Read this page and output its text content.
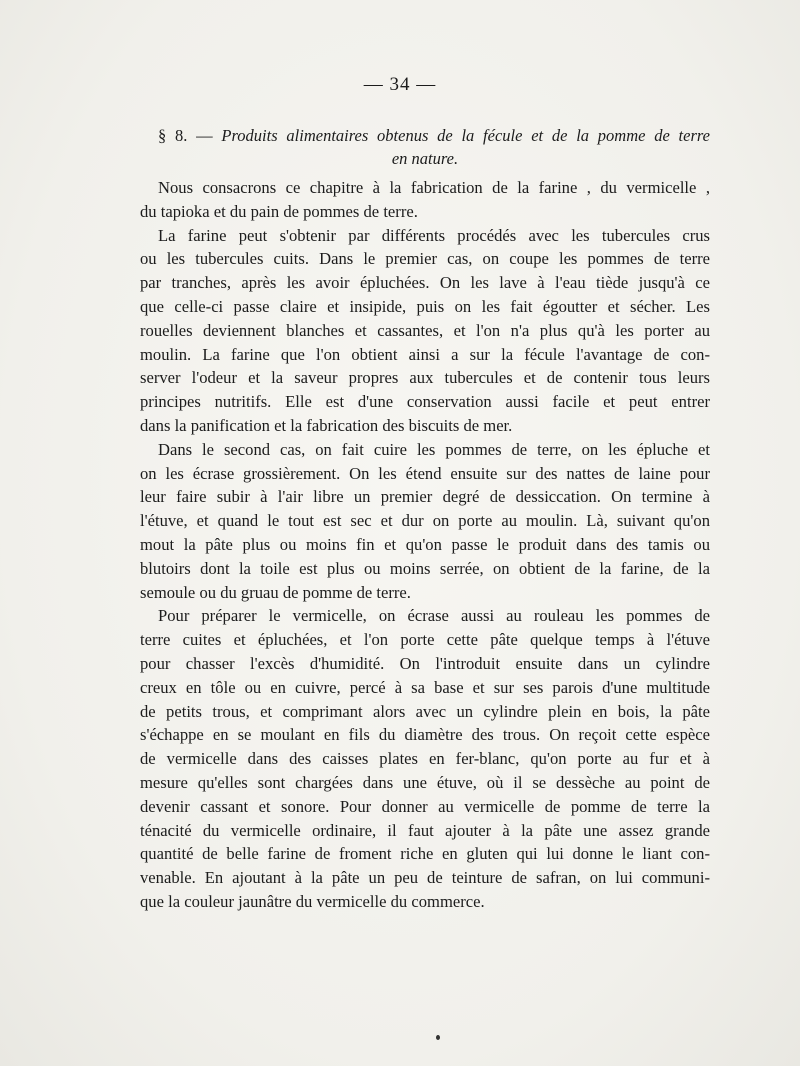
— 34 —
§ 8. — Produits alimentaires obtenus de la fécule et de la pomme de terre
en nature.
Nous consacrons ce chapitre à la fabrication de la farine , du vermicelle ,
du tapioka et du pain de pommes de terre.
La farine peut s'obtenir par différents procédés avec les tubercules crus
ou les tubercules cuits. Dans le premier cas, on coupe les pommes de terre
par tranches, après les avoir épluchées. On les lave à l'eau tiède jusqu'à ce
que celle-ci passe claire et insipide, puis on les fait égoutter et sécher. Les
rouelles deviennent blanches et cassantes, et l'on n'a plus qu'à les porter au
moulin. La farine que l'on obtient ainsi a sur la fécule l'avantage de con-
server l'odeur et la saveur propres aux tubercules et de contenir tous leurs
principes nutritifs. Elle est d'une conservation aussi facile et peut entrer
dans la panification et la fabrication des biscuits de mer.
Dans le second cas, on fait cuire les pommes de terre, on les épluche et
on les écrase grossièrement. On les étend ensuite sur des nattes de laine pour
leur faire subir à l'air libre un premier degré de dessiccation. On termine à
l'étuve, et quand le tout est sec et dur on porte au moulin. Là, suivant qu'on
mout la pâte plus ou moins fin et qu'on passe le produit dans des tamis ou
blutoirs dont la toile est plus ou moins serrée, on obtient de la farine, de la
semoule ou du gruau de pomme de terre.
Pour préparer le vermicelle, on écrase aussi au rouleau les pommes de
terre cuites et épluchées, et l'on porte cette pâte quelque temps à l'étuve
pour chasser l'excès d'humidité. On l'introduit ensuite dans un cylindre
creux en tôle ou en cuivre, percé à sa base et sur ses parois d'une multitude
de petits trous, et comprimant alors avec un cylindre plein en bois, la pâte
s'échappe en se moulant en fils du diamètre des trous. On reçoit cette espèce
de vermicelle dans des caisses plates en fer-blanc, qu'on porte au fur et à
mesure qu'elles sont chargées dans une étuve, où il se dessèche au point de
devenir cassant et sonore. Pour donner au vermicelle de pomme de terre la
ténacité du vermicelle ordinaire, il faut ajouter à la pâte une assez grande
quantité de belle farine de froment riche en gluten qui lui donne le liant con-
venable. En ajoutant à la pâte un peu de teinture de safran, on lui communi-
que la couleur jaunâtre du vermicelle du commerce.
